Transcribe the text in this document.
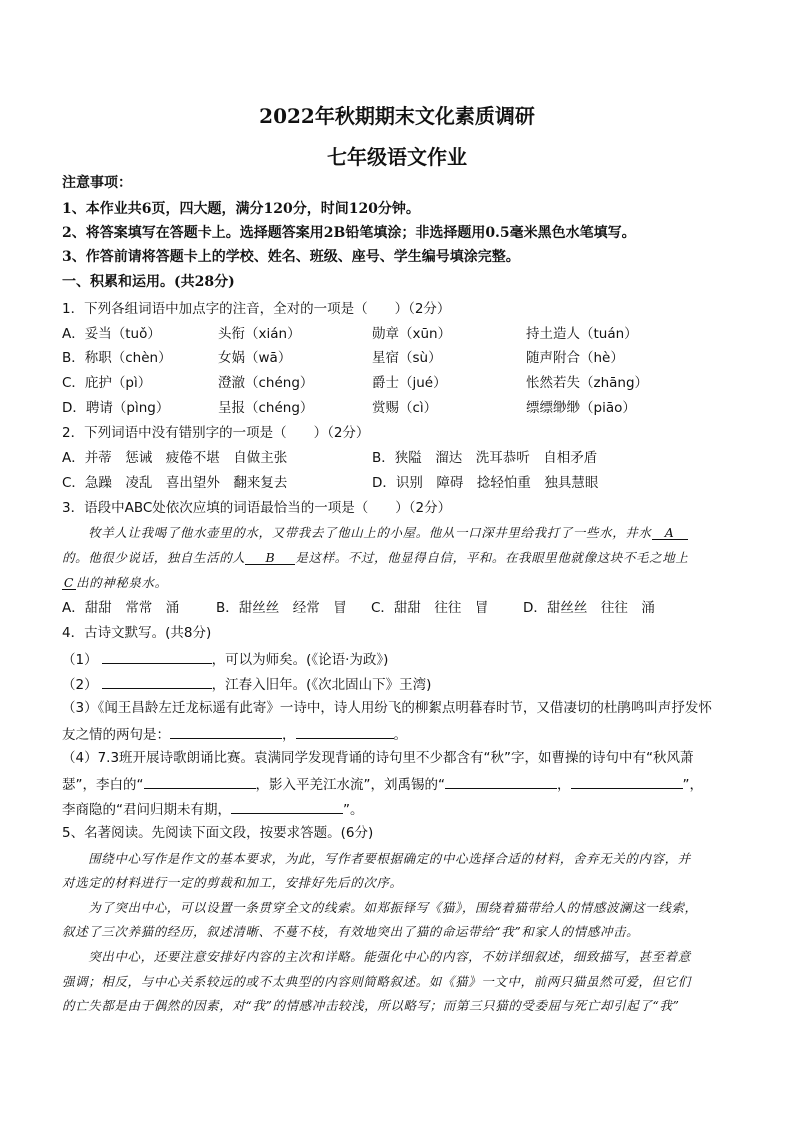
2022年秋期期末文化素质调研
七年级语文作业
注意事项：
1、本作业共6页，四大题，满分120分，时间120分钟。
2、将答案填写在答题卡上。选择题答案用2B铅笔填涂；非选择题用0.5毫米黑色水笔填写。
3、作答前请将答题卡上的学校、姓名、班级、座号、学生编号填涂完整。
一、积累和运用。(共28分)
1．下列各组词语中加点字的注音，全对的一项是（　　）（2分）
A．妥当（tuǒ）	头衔（xián）	勋章（xūn）	持土造人（tuán）
B．称职（chèn）	女娲（wā）	星宿（sù）	随声附合（hè）
C．庇护（pì）	澄澈（chéng）	爵士（jué）	怅然若失（zhāng）
D．聘请（pìng）	呈报（chéng）	赏赐（cì）	缥缥缈缈（piāo）
2．下列词语中没有错别字的一项是（　　）（2分）
A．并蒂　惩诫　疲倦不堪　自做主张	B．狭隘　溜达　洗耳恭听　自相矛盾
C．急躁　凌乱　喜出望外　翻来复去	D．识别　障碍　捻轻怕重　独具慧眼
3．语段中ABC处依次应填的词语最恰当的一项是（　　）（2分）
　　牧羊人让我喝了他水壶里的水，又带我去了他山上的小屋。他从一口深井里给我打了一些水，井水 A
的。他很少说话，独自生活的人 B 是这样。不过，他显得自信，平和。在我眼里他就像这块不毛之地上
C 出的神秘泉水。
A．甜甜　常常　涌	B．甜丝丝　经常　冒 C．甜甜　往往　冒	D．甜丝丝　往往　涌
4．古诗文默写。(共8分)
（1）	，可以为师矣。(《论语·为政》)
（2）	，江春入旧年。(《次北固山下》王湾)
（3）《闻王昌龄左迁龙标遥有此寄》一诗中，诗人用纷飞的柳絮点明暮春时节，又借凄切的杜鹃鸣叫声抒发怀
友之情的两句是：	，	。
（4）7.3班开展诗歌朗诵比赛。袁满同学发现背诵的诗句里不少都含有“秋”字，如曹操的诗句中有“秋风萧
瑟”，李白的“	，影入平羌江水流”，刘禹锡的“	，	”，
李商隐的“君问归期未有期，	”。
5、名著阅读。先阅读下面文段，按要求答题。(6分)
　　围绕中心写作是作文的基本要求，为此，写作者要根据确定的中心选择合适的材料，舍弃无关的内容，并
对选定的材料进行一定的剪裁和加工，安排好先后的次序。
　　为了突出中心，可以设置一条贯穿全文的线索。如郑振铎写《猫》，围绕着猫带给人的情感波澜这一线索，
叙述了三次养猫的经历，叙述清晰、不蔓不枝，有效地突出了猫的命运带给“我”和家人的情感冲击。
　　突出中心，还要注意安排好内容的主次和详略。能强化中心的内容，不妨详细叙述，细致描写，甚至着意
强调；相反，与中心关系较远的或不太典型的内容则简略叙述。如《猫》一文中，前两只猫虽然可爱，但它们
的亡失都是由于偶然的因素，对“我”的情感冲击较浅，所以略写；而第三只猫的受委屈与死亡却引起了“我”
